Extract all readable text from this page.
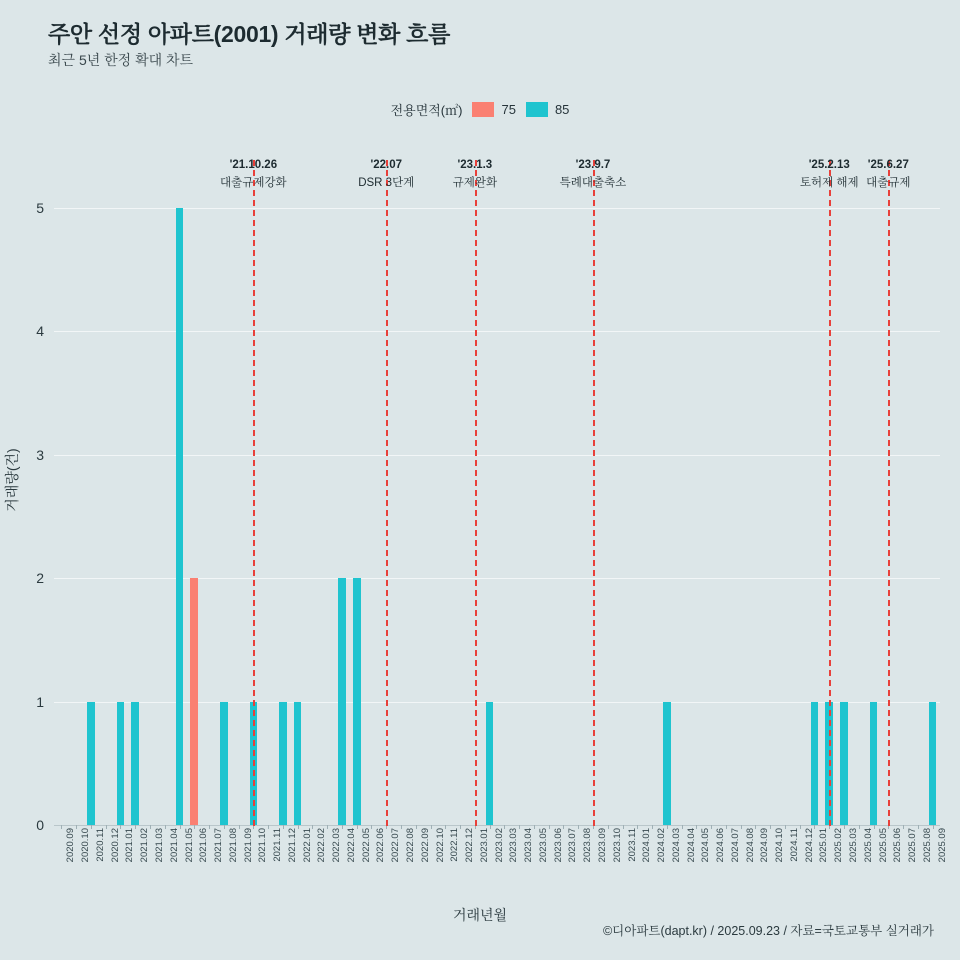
주안 선정 아파트(2001) 거래량 변화 흐름
최근 5년 한정 확대 차트
전용면적(㎡)	75	85
거래량(건)
거래년월
0
1
2
3
4
5
2020.09 2020.10 2020.11 2020.12 2021.01 2021.02 2021.03 2021.04 2021.05 2021.06 2021.07 2021.08 2021.09 2021.10 2021.11 2021.12 2022.01 2022.02 2022.03 2022.04 2022.05 2022.06 2022.07 2022.08 2022.09 2022.10 2022.11 2022.12 2023.01 2023.02 2023.03 2023.04 2023.05 2023.06 2023.07 2023.08 2023.09 2023.10 2023.11 2024.01 2024.02 2024.03 2024.04 2024.05 2024.06 2024.07 2024.08 2024.09 2024.10 2024.11 2024.12 2025.01 2025.02 2025.03 2025.04 2025.05 2025.06 2025.07 2025.08 2025.09
©디아파트(dapt.kr) / 2025.09.23 / 자료=국토교통부 실거래가
'21.10.26
대출규제강화
'22.07
DSR 3단계
'23.1.3
규제완화
'23.9.7
특례대출축소
'25.2.13
토허제 해제
'25.6.27
대출규제
